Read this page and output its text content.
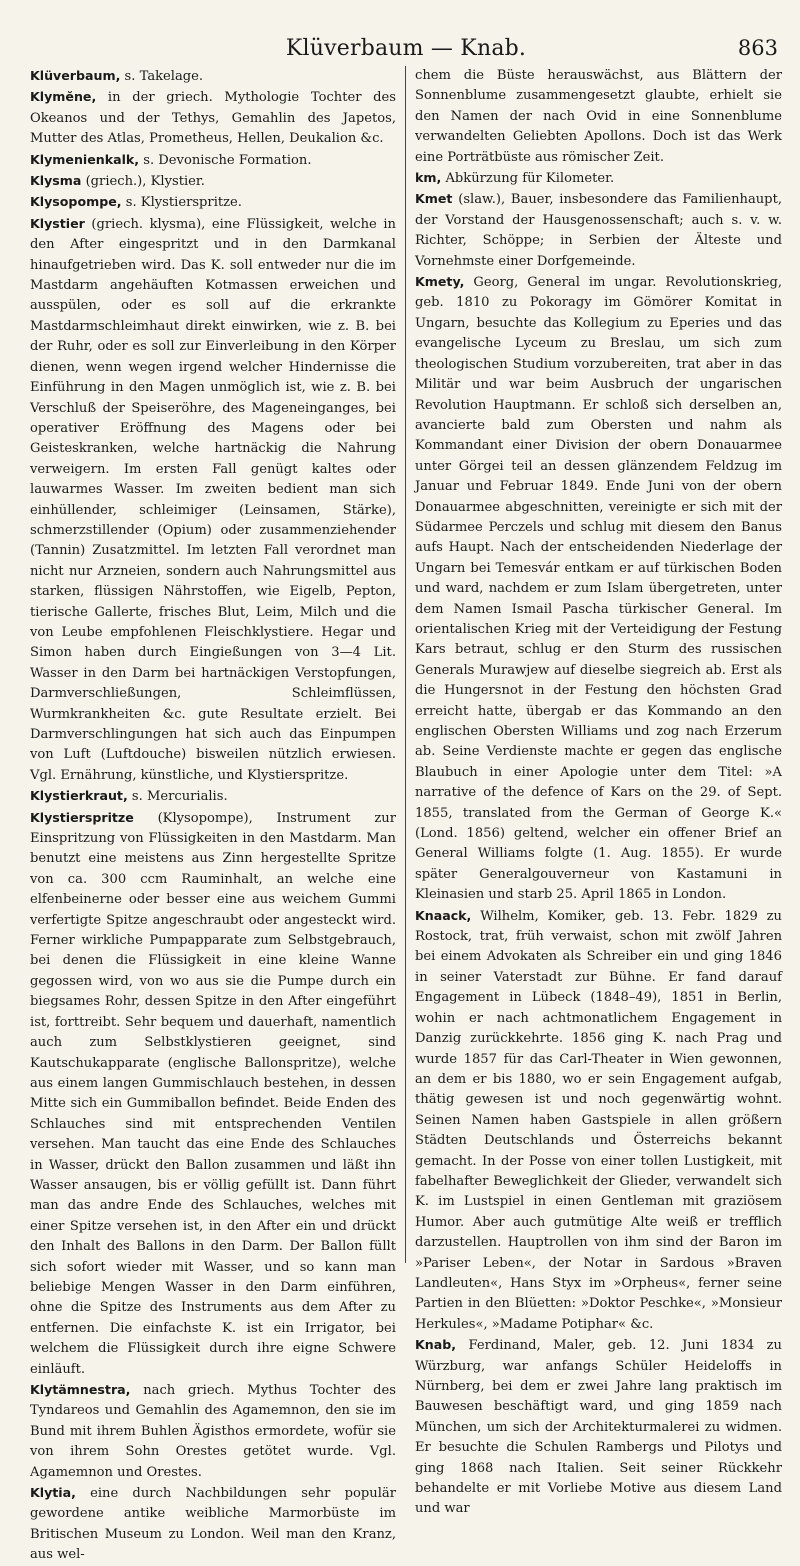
Klüverbaum — Knab.	863

Klüverbaum, s. Takelage.

Klymĕne, in der griech. Mythologie Tochter des Okeanos und der Tethys, Gemahlin des Japetos, Mutter des Atlas, Prometheus, Hellen, Deukalion &c.

Klymenienkalk, s. Devonische Formation.

Klysma (griech.), Klystier.

Klysopompe, s. Klystierspritze.

Klystier (griech. klysma), eine Flüssigkeit, welche in den After eingespritzt und in den Darmkanal hinaufgetrieben wird. Das K. soll entweder nur die im Mastdarm angehäuften Kotmassen erweichen und ausspülen, oder es soll auf die erkrankte Mastdarmschleimhaut direkt einwirken, wie z. B. bei der Ruhr, oder es soll zur Einverleibung in den Körper dienen, wenn wegen irgend welcher Hindernisse die Einführung in den Magen unmöglich ist, wie z. B. bei Verschluß der Speiseröhre, des Mageneinganges, bei operativer Eröffnung des Magens oder bei Geisteskranken, welche hartnäckig die Nahrung verweigern. Im ersten Fall genügt kaltes oder lauwarmes Wasser. Im zweiten bedient man sich einhüllender, schleimiger (Leinsamen, Stärke), schmerzstillender (Opium) oder zusammenziehender (Tannin) Zusatzmittel. Im letzten Fall verordnet man nicht nur Arzneien, sondern auch Nahrungsmittel aus starken, flüssigen Nährstoffen, wie Eigelb, Pepton, tierische Gallerte, frisches Blut, Leim, Milch und die von Leube empfohlenen Fleischklystiere. Hegar und Simon haben durch Eingießungen von 3—4 Lit. Wasser in den Darm bei hartnäckigen Verstopfungen, Darmverschließungen, Schleimflüssen, Wurmkrankheiten &c. gute Resultate erzielt. Bei Darmverschlingungen hat sich auch das Einpumpen von Luft (Luftdouche) bisweilen nützlich erwiesen. Vgl. Ernährung, künstliche, und Klystierspritze.

Klystierkraut, s. Mercurialis.

Klystierspritze (Klysopompe), Instrument zur Einspritzung von Flüssigkeiten in den Mastdarm. Man benutzt eine meistens aus Zinn hergestellte Spritze von ca. 300 ccm Rauminhalt, an welche eine elfenbeinerne oder besser eine aus weichem Gummi verfertigte Spitze angeschraubt oder angesteckt wird. Ferner wirkliche Pumpapparate zum Selbstgebrauch, bei denen die Flüssigkeit in eine kleine Wanne gegossen wird, von wo aus sie die Pumpe durch ein biegsames Rohr, dessen Spitze in den After eingeführt ist, forttreibt. Sehr bequem und dauerhaft, namentlich auch zum Selbstklystieren geeignet, sind Kautschukapparate (englische Ballonspritze), welche aus einem langen Gummischlauch bestehen, in dessen Mitte sich ein Gummiballon befindet. Beide Enden des Schlauches sind mit entsprechenden Ventilen versehen. Man taucht das eine Ende des Schlauches in Wasser, drückt den Ballon zusammen und läßt ihn Wasser ansaugen, bis er völlig gefüllt ist. Dann führt man das andre Ende des Schlauches, welches mit einer Spitze versehen ist, in den After ein und drückt den Inhalt des Ballons in den Darm. Der Ballon füllt sich sofort wieder mit Wasser, und so kann man beliebige Mengen Wasser in den Darm einführen, ohne die Spitze des Instruments aus dem After zu entfernen. Die einfachste K. ist ein Irrigator, bei welchem die Flüssigkeit durch ihre eigne Schwere einläuft.

Klytämnestra, nach griech. Mythus Tochter des Tyndareos und Gemahlin des Agamemnon, den sie im Bund mit ihrem Buhlen Ägisthos ermordete, wofür sie von ihrem Sohn Orestes getötet wurde. Vgl. Agamemnon und Orestes.

Klytia, eine durch Nachbildungen sehr populär gewordene antike weibliche Marmorbüste im Britischen Museum zu London. Weil man den Kranz, aus wel-

chem die Büste herauswächst, aus Blättern der Sonnenblume zusammengesetzt glaubte, erhielt sie den Namen der nach Ovid in eine Sonnenblume verwandelten Geliebten Apollons. Doch ist das Werk eine Porträtbüste aus römischer Zeit.

km, Abkürzung für Kilometer.

Kmet (slaw.), Bauer, insbesondere das Familienhaupt, der Vorstand der Hausgenossenschaft; auch s. v. w. Richter, Schöppe; in Serbien der Älteste und Vornehmste einer Dorfgemeinde.

Kmety, Georg, General im ungar. Revolutionskrieg, geb. 1810 zu Pokoragy im Gömörer Komitat in Ungarn, besuchte das Kollegium zu Eperies und das evangelische Lyceum zu Breslau, um sich zum theologischen Studium vorzubereiten, trat aber in das Militär und war beim Ausbruch der ungarischen Revolution Hauptmann. Er schloß sich derselben an, avancierte bald zum Obersten und nahm als Kommandant einer Division der obern Donauarmee unter Görgei teil an dessen glänzendem Feldzug im Januar und Februar 1849. Ende Juni von der obern Donauarmee abgeschnitten, vereinigte er sich mit der Südarmee Perczels und schlug mit diesem den Banus aufs Haupt. Nach der entscheidenden Niederlage der Ungarn bei Temesvár entkam er auf türkischen Boden und ward, nachdem er zum Islam übergetreten, unter dem Namen Ismail Pascha türkischer General. Im orientalischen Krieg mit der Verteidigung der Festung Kars betraut, schlug er den Sturm des russischen Generals Murawjew auf dieselbe siegreich ab. Erst als die Hungersnot in der Festung den höchsten Grad erreicht hatte, übergab er das Kommando an den englischen Obersten Williams und zog nach Erzerum ab. Seine Verdienste machte er gegen das englische Blaubuch in einer Apologie unter dem Titel: »A narrative of the defence of Kars on the 29. of Sept. 1855, translated from the German of George K.« (Lond. 1856) geltend, welcher ein offener Brief an General Williams folgte (1. Aug. 1855). Er wurde später Generalgouverneur von Kastamuni in Kleinasien und starb 25. April 1865 in London.

Knaack, Wilhelm, Komiker, geb. 13. Febr. 1829 zu Rostock, trat, früh verwaist, schon mit zwölf Jahren bei einem Advokaten als Schreiber ein und ging 1846 in seiner Vaterstadt zur Bühne. Er fand darauf Engagement in Lübeck (1848–49), 1851 in Berlin, wohin er nach achtmonatlichem Engagement in Danzig zurückkehrte. 1856 ging K. nach Prag und wurde 1857 für das Carl-Theater in Wien gewonnen, an dem er bis 1880, wo er sein Engagement aufgab, thätig gewesen ist und noch gegenwärtig wohnt. Seinen Namen haben Gastspiele in allen größern Städten Deutschlands und Österreichs bekannt gemacht. In der Posse von einer tollen Lustigkeit, mit fabelhafter Beweglichkeit der Glieder, verwandelt sich K. im Lustspiel in einen Gentleman mit graziösem Humor. Aber auch gutmütige Alte weiß er trefflich darzustellen. Hauptrollen von ihm sind der Baron im »Pariser Leben«, der Notar in Sardous »Braven Landleuten«, Hans Styx im »Orpheus«, ferner seine Partien in den Blüetten: »Doktor Peschke«, »Monsieur Herkules«, »Madame Potiphar« &c.

Knab, Ferdinand, Maler, geb. 12. Juni 1834 zu Würzburg, war anfangs Schüler Heideloffs in Nürnberg, bei dem er zwei Jahre lang praktisch im Bauwesen beschäftigt ward, und ging 1859 nach München, um sich der Architekturmalerei zu widmen. Er besuchte die Schulen Rambergs und Pilotys und ging 1868 nach Italien. Seit seiner Rückkehr behandelte er mit Vorliebe Motive aus diesem Land und war
